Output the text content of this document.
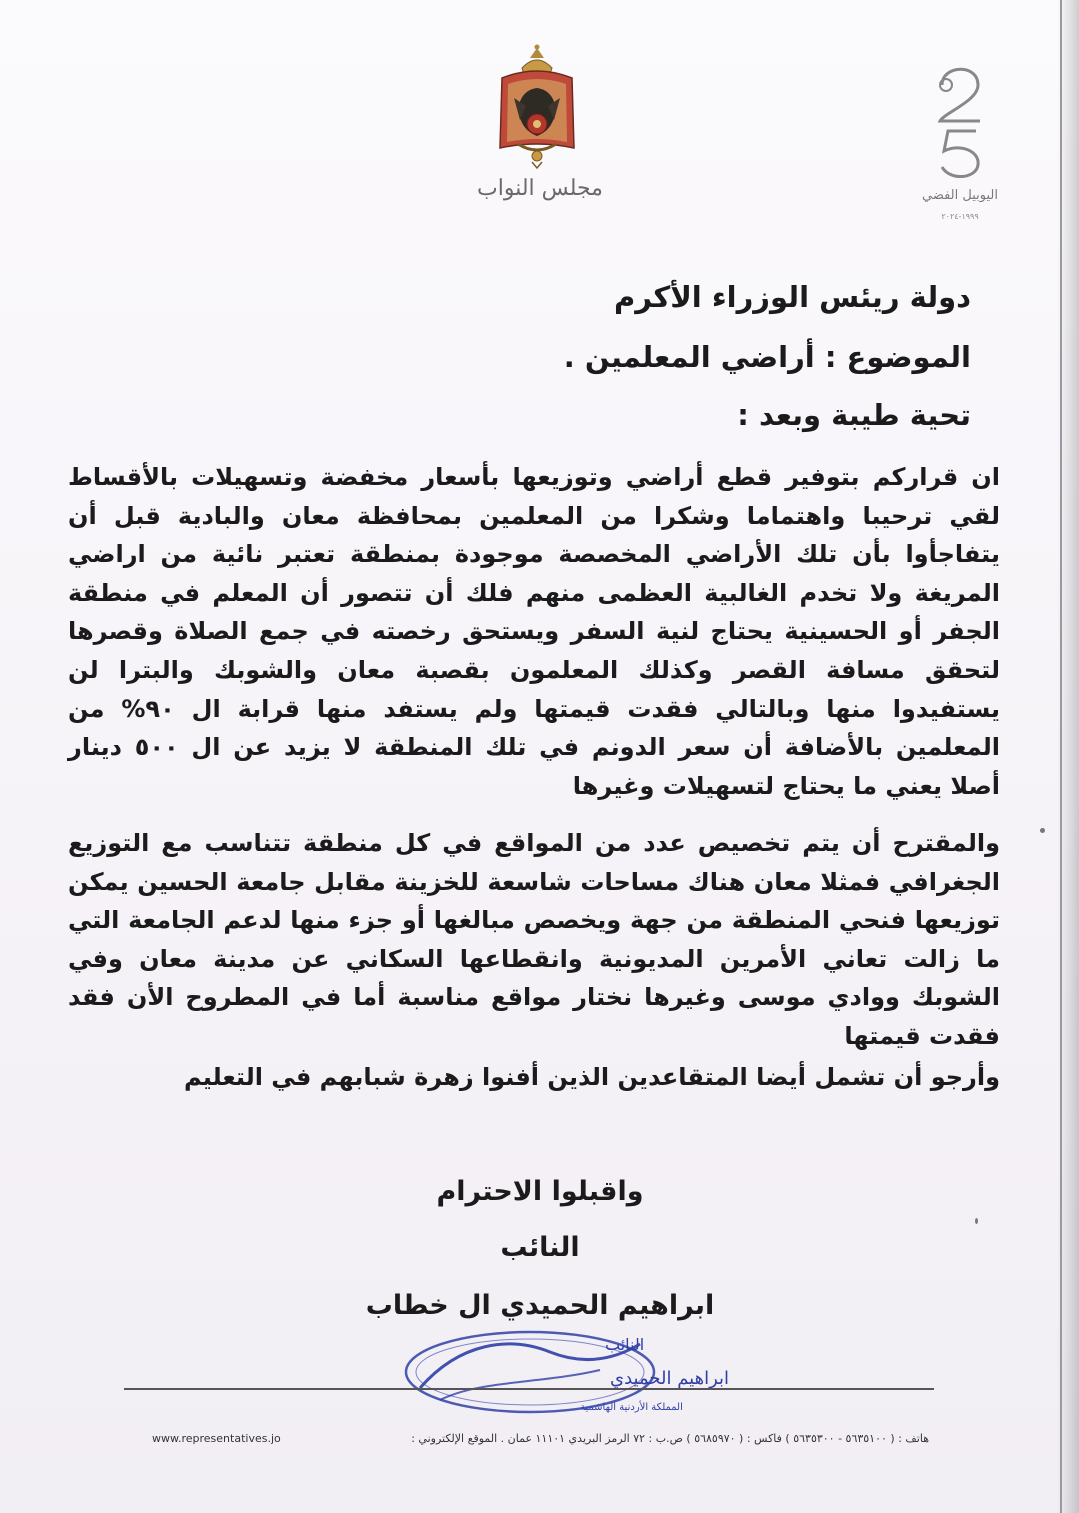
مجلس النواب	اليوبيل الفضي
١٩٩٩-٢٠٢٤
دولة ريئس الوزراء الأكرم
الموضوع : أراضي المعلمين .
تحية طيبة وبعد :
ان قراركم بتوفير قطع أراضي وتوزيعها بأسعار مخفضة وتسهيلات بالأقساط لقي ترحيبا واهتماما وشكرا من المعلمين بمحافظة معان والبادية قبل أن يتفاجأوا بأن تلك الأراضي المخصصة موجودة بمنطقة تعتبر نائية من اراضي المريغة ولا تخدم الغالبية العظمى منهم فلك أن تتصور أن المعلم في منطقة الجفر أو الحسينية يحتاج لنية السفر ويستحق رخصته في جمع الصلاة وقصرها لتحقق مسافة القصر وكذلك المعلمون بقصبة معان والشوبك والبترا لن يستفيدوا منها وبالتالي فقدت قيمتها ولم يستفد منها قرابة ال ٩٠% من المعلمين بالأضافة أن سعر الدونم في تلك المنطقة لا يزيد عن ال ٥٠٠ دينار أصلا يعني ما يحتاج لتسهيلات وغيرها
والمقترح أن يتم تخصيص عدد من المواقع في كل منطقة تتناسب مع التوزيع الجغرافي فمثلا معان هناك مساحات شاسعة للخزينة مقابل جامعة الحسين يمكن توزيعها فنحي المنطقة من جهة ويخصص مبالغها أو جزء منها لدعم الجامعة التي ما زالت تعاني الأمرين المديونية وانقطاعها السكاني عن مدينة معان وفي الشوبك ووادي موسى وغيرها نختار مواقع مناسبة أما في المطروح الأن فقد فقدت قيمتها
وأرجو أن تشمل أيضا المتقاعدين الذين أفنوا زهرة شبابهم في التعليم
واقبلوا الاحترام
النائب
ابراهيم الحميدي ال خطاب
النائب
ابراهيم الحميدي
المملكة الأردنية الهاشمية
هاتف : ( ٥٦٣٥١٠٠ - ٥٦٣٥٣٠٠ ) فاكس : ( ٥٦٨٥٩٧٠ ) ص.ب : ٧٢ الرمز البريدي ١١١٠١ عمان . الموقع الإلكتروني :
www.representatives.jo
